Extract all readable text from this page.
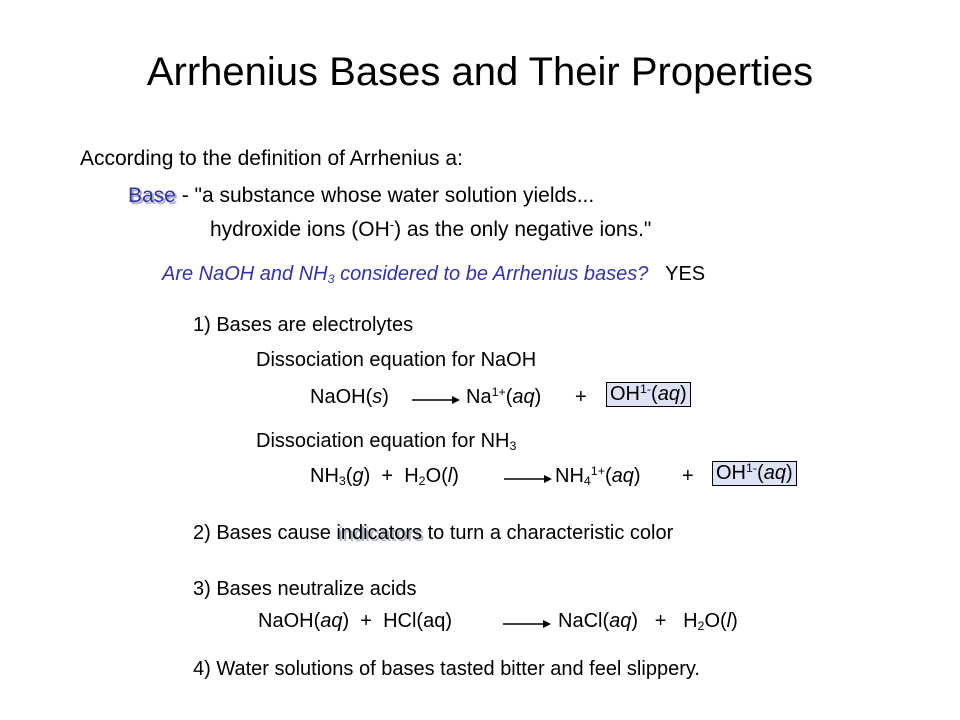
Arrhenius Bases and Their Properties
According to the definition of Arrhenius a:
Base - "a substance whose water solution yields...
hydroxide ions (OH-) as the only negative ions."
Are NaOH and $NH_3$ considered to be Arrhenius bases? YES
1) Bases are electrolytes
Dissociation equation for NaOH
NaOH(s) → $Na^{1+}(aq) + OH^{1-}(aq)$
Dissociation equation for $NH_3$
$NH_3(g) + H_2O(l)$	→ $NH_4^{1+}(aq) + OH^{1-}(aq)$
2) Bases cause indicators to turn a characteristic color
3) Bases neutralize acids
NaOH(aq) + HCl(aq)	→ NaCl(aq) + $H_2O(l)$
4) Water solutions of bases tasted bitter and feel slippery.
